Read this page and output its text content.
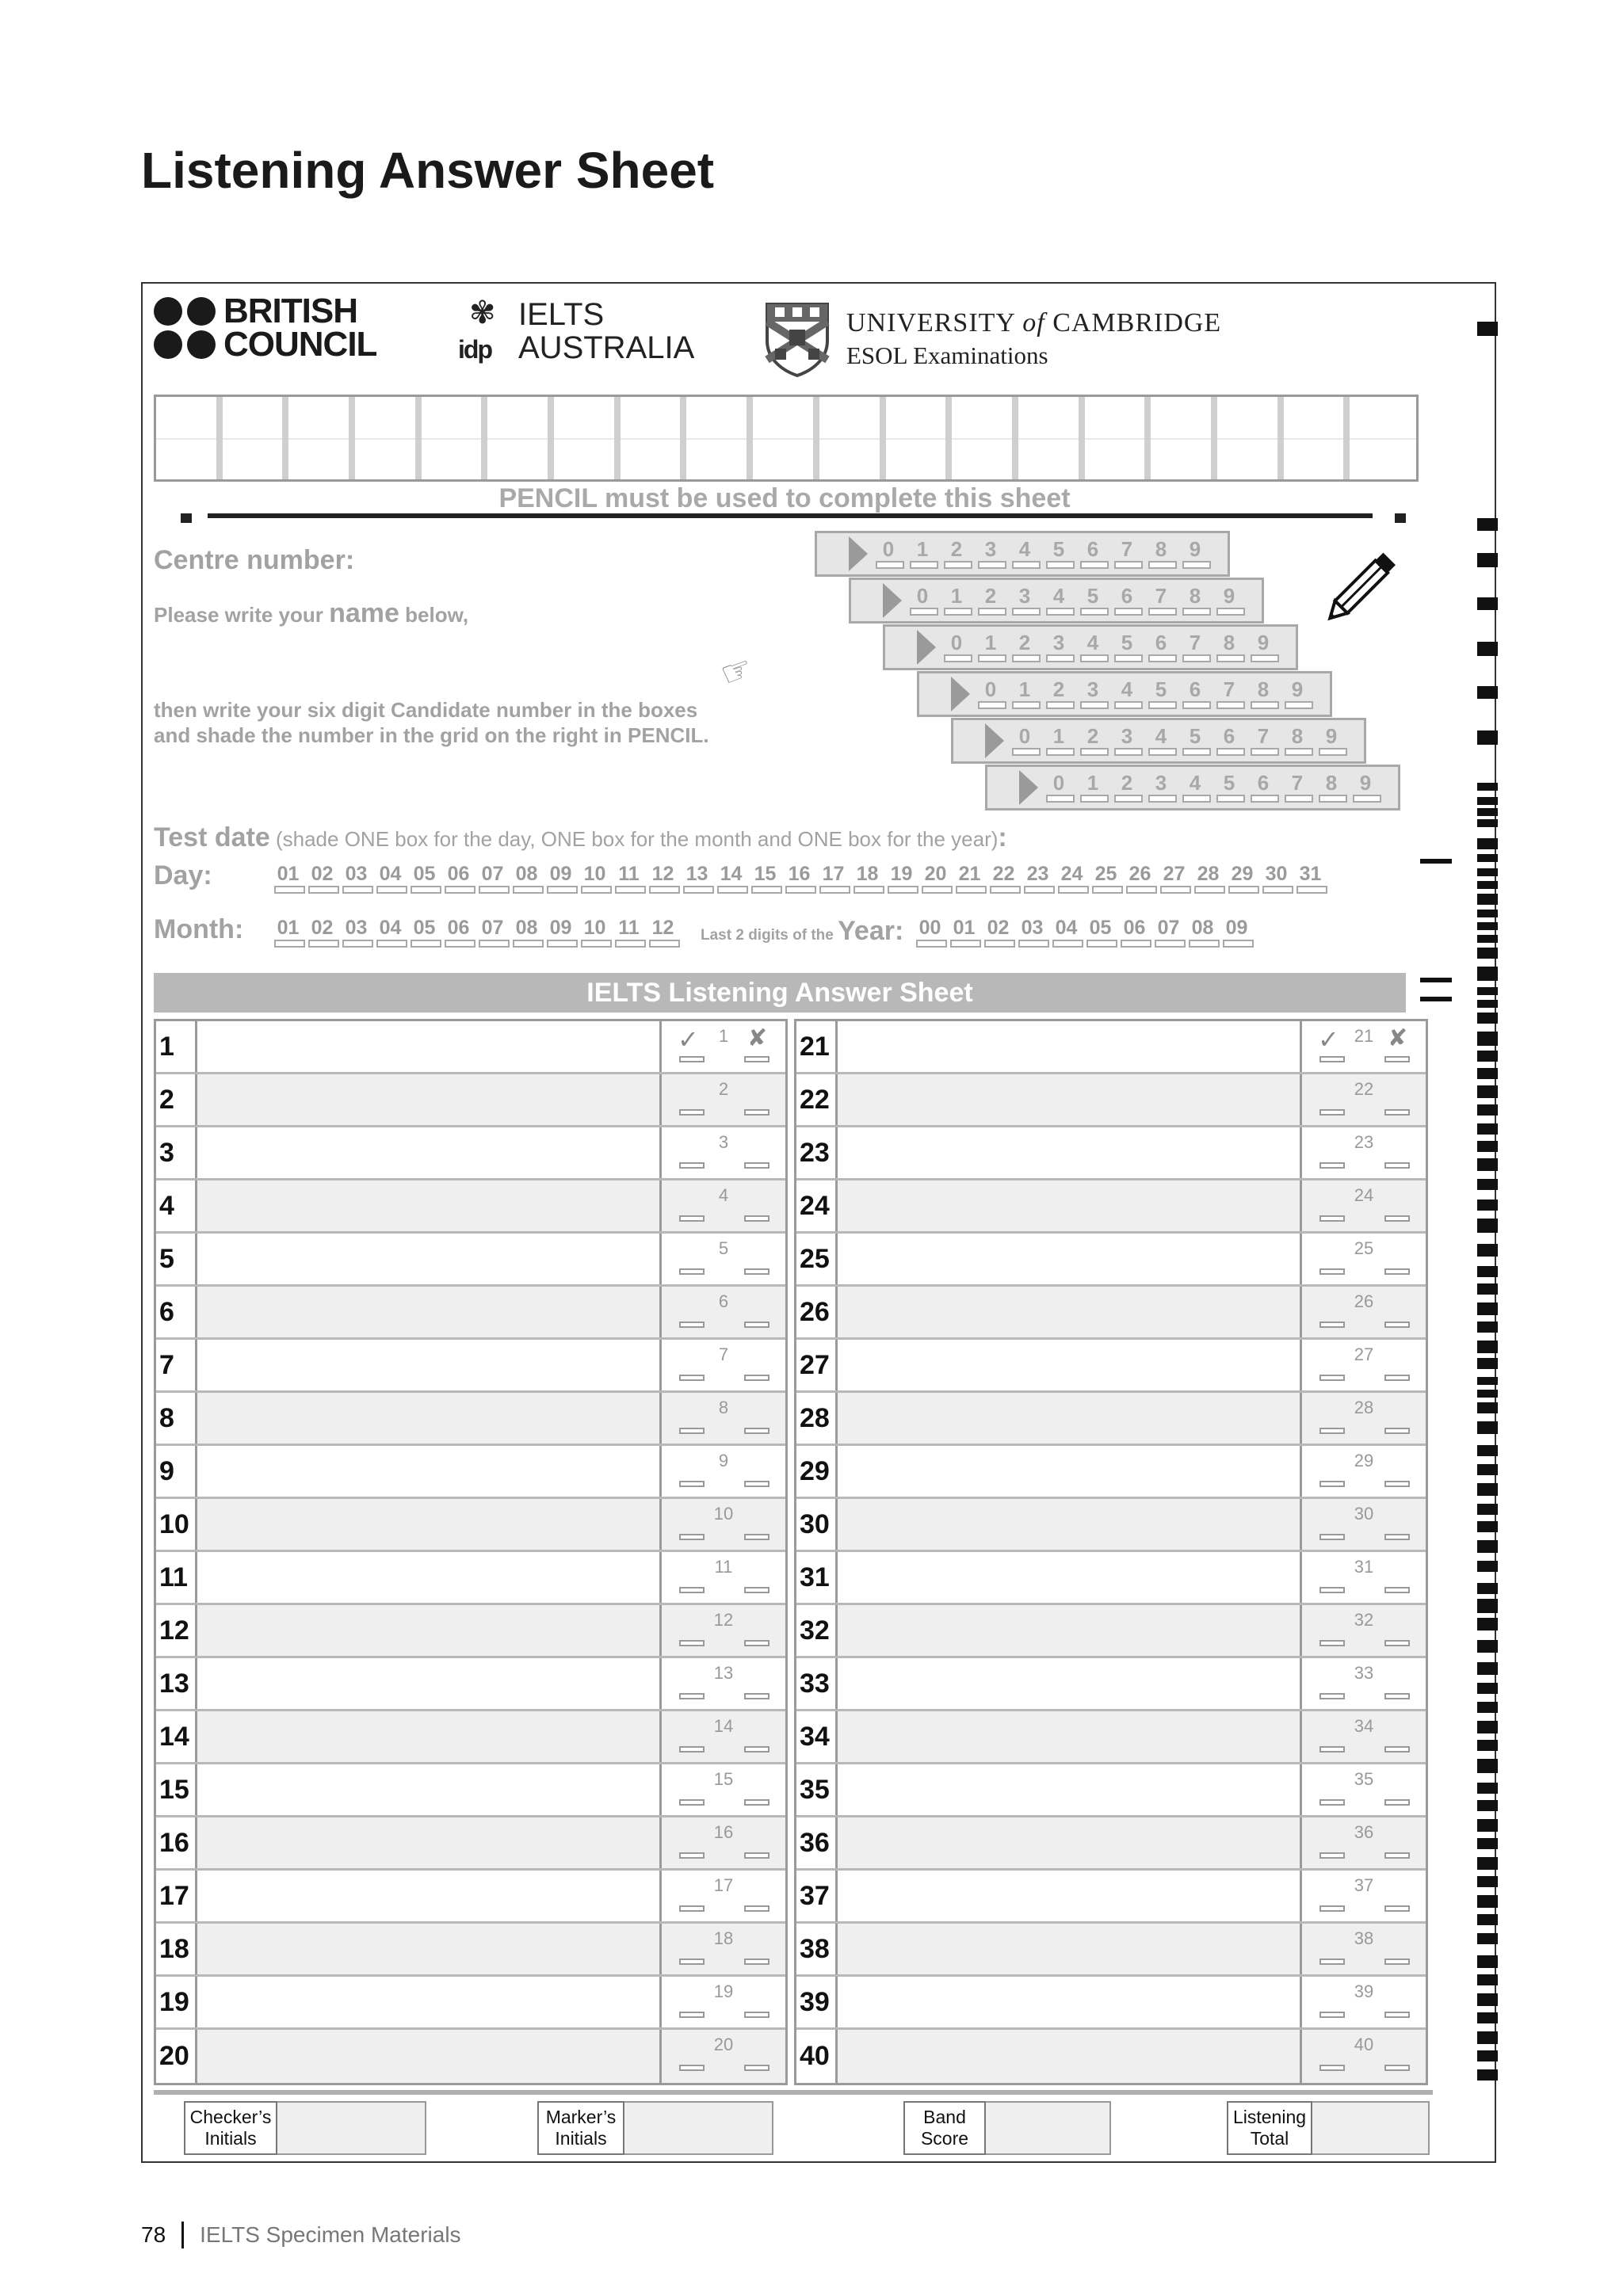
Listening Answer Sheet
BRITISH
COUNCIL
✾
idp
IELTS
AUSTRALIA
UNIVERSITY of CAMBRIDGE
ESOL Examinations
PENCIL must be used to complete this sheet
Centre number:
Please write your name below,
☞
then write your six digit Candidate number in the boxes
and shade the number in the grid on the right in PENCIL.
0 1 2 3 4 5 6 7 8 9
0 1 2 3 4 5 6 7 8 9
0 1 2 3 4 5 6 7 8 9
0 1 2 3 4 5 6 7 8 9
0 1 2 3 4 5 6 7 8 9
0 1 2 3 4 5 6 7 8 9
Test date (shade ONE box for the day, ONE box for the month and ONE box for the year):
Day:	01 02 03 04 05 06 07 08 09 10 11 12 13 14 15 16 17 18 19 20 21 22 23 24 25 26 27 28 29 30 31
Month: 01 02 03 04 05 06 07 08 09 10 11 12 Last 2 digits of the Year: 00 01 02 03 04 05 06 07 08 09
IELTS Listening Answer Sheet
1	✓	1 ✘
2	2
3	3
4	4
5	5
6	6
7	7
8	8
9	9
10	10
11	11
12	12
13	13
14	14
15	15
16	16
17	17
18	18
19	19
20	20
21	✓ 21 ✘
22	22
23	23
24	24
25	25
26	26
27	27
28	28
29	29
30	30
31	31
32	32
33	33
34	34
35	35
36	36
37	37
38	38
39	39
40	40
Checker’s
Initials
Marker’s
Initials
Band
Score
Listening
Total
78 IELTS Specimen Materials
